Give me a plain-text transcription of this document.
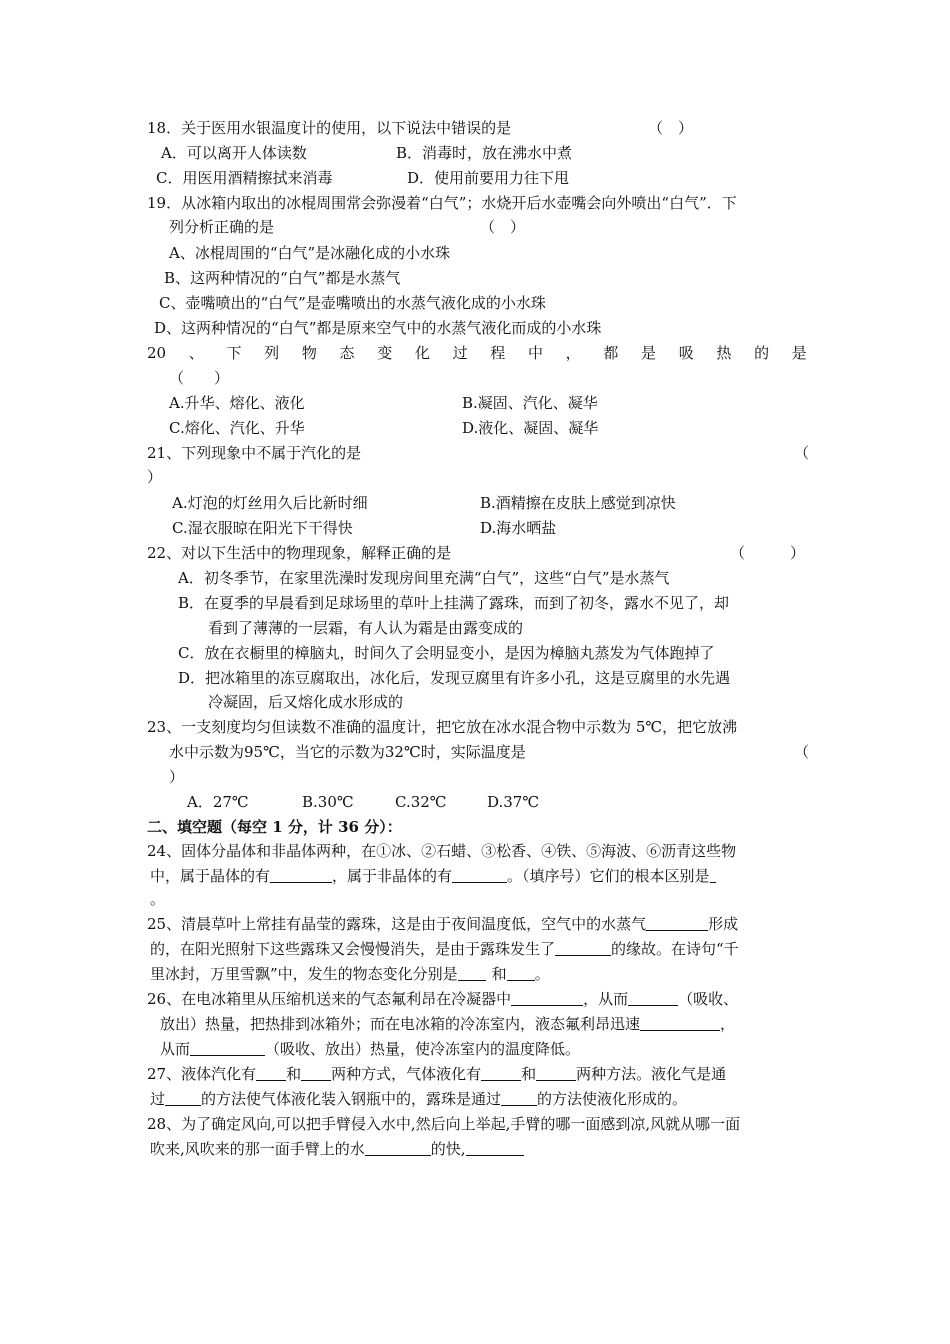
18．关于医用水银温度计的使用，以下说法中错误的是	（　）
A．可以离开人体读数	B．消毒时，放在沸水中煮
C．用医用酒精擦拭来消毒	D．使用前要用力往下甩
19．从冰箱内取出的冰棍周围常会弥漫着“白气”；水烧开后水壶嘴会向外喷出“白气”．下
列分析正确的是	（　）
A、冰棍周围的“白气”是冰融化成的小水珠
B、这两种情况的“白气”都是水蒸气
C、壶嘴喷出的“白气”是壶嘴喷出的水蒸气液化成的小水珠
D、这两种情况的“白气”都是原来空气中的水蒸气液化而成的小水珠
20 、 下 列 物 态 变 化 过 程 中 ， 都 是 吸 热 的 是
（　　）
A.升华、熔化、液化	B.凝固、汽化、凝华
C.熔化、汽化、升华	D.液化、凝固、凝华
21、下列现象中不属于汽化的是	（
）
A.灯泡的灯丝用久后比新时细	B.酒精擦在皮肤上感觉到凉快
C.湿衣服晾在阳光下干得快	D.海水晒盐
22、对以下生活中的物理现象，解释正确的是	（　　　）
A．初冬季节，在家里洗澡时发现房间里充满“白气”，这些“白气”是水蒸气
B．在夏季的早晨看到足球场里的草叶上挂满了露珠，而到了初冬，露水不见了，却
看到了薄薄的一层霜，有人认为霜是由露变成的
C．放在衣橱里的樟脑丸，时间久了会明显变小，是因为樟脑丸蒸发为气体跑掉了
D．把冰箱里的冻豆腐取出，冰化后，发现豆腐里有许多小孔，这是豆腐里的水先遇
冷凝固，后又熔化成水形成的
23、一支刻度均匀但读数不准确的温度计，把它放在冰水混合物中示数为 5℃，把它放沸
水中示数为95℃，当它的示数为32℃时，实际温度是	（
）
A．27℃	B.30℃	C.32℃	D.37℃
二、填空题（每空 1 分，计 36 分）：
24、固体分晶体和非晶体两种，在①冰、②石蜡、③松香、④铁、⑤海波、⑥沥青这些物
中，属于晶体的有	，属于非晶体的有	。（填序号）它们的根本区别是
。
25、清晨草叶上常挂有晶莹的露珠，这是由于夜间温度低，空气中的水蒸气	形成
的，在阳光照射下这些露珠又会慢慢消失，是由于露珠发生了	的缘故。在诗句“千
里冰封，万里雪飘”中，发生的物态变化分别是 和 。
26、在电冰箱里从压缩机送来的气态氟利昂在冷凝器中	，从而	（吸收、
放出）热量，把热排到冰箱外；而在电冰箱的冷冻室内，液态氟利昂迅速	，
从而	（吸收、放出）热量，使冷冻室内的温度降低。
27、液体汽化有 和 两种方式，气体液化有	和	两种方法。液化气是通
过 的方法使气体液化装入钢瓶中的，露珠是通过 的方法使液化形成的。
28、为了确定风向,可以把手臂侵入水中,然后向上举起,手臂的哪一面感到凉,风就从哪一面
吹来,风吹来的那一面手臂上的水	的快,
